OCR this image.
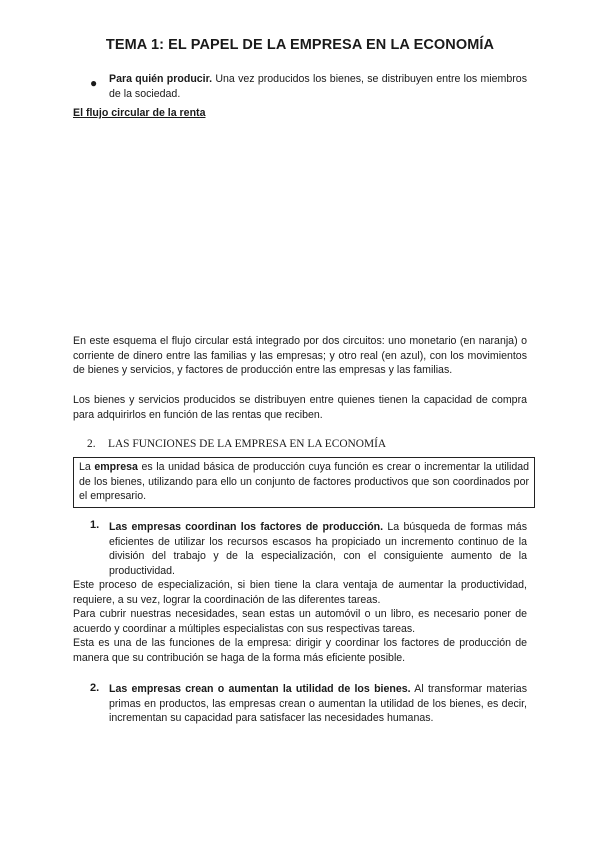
TEMA 1: EL PAPEL DE LA EMPRESA EN LA ECONOMÍA
● Para quién producir. Una vez producidos los bienes, se distribuyen entre los miembros de la sociedad.
El flujo circular de la renta
En este esquema el flujo circular está integrado por dos circuitos: uno monetario (en naranja) o corriente de dinero entre las familias y las empresas; y otro real (en azul), con los movimientos de bienes y servicios, y factores de producción entre las empresas y las familias.
Los bienes y servicios producidos se distribuyen entre quienes tienen la capacidad de compra para adquirirlos en función de las rentas que reciben.
2. LAS FUNCIONES DE LA EMPRESA EN LA ECONOMÍA
La empresa es la unidad básica de producción cuya función es crear o incrementar la utilidad de los bienes, utilizando para ello un conjunto de factores productivos que son coordinados por el empresario.
1. Las empresas coordinan los factores de producción. La búsqueda de formas más eficientes de utilizar los recursos escasos ha propiciado un incremento continuo de la división del trabajo y de la especialización, con el consiguiente aumento de la productividad.
Este proceso de especialización, si bien tiene la clara ventaja de aumentar la productividad, requiere, a su vez, lograr la coordinación de las diferentes tareas.
Para cubrir nuestras necesidades, sean estas un automóvil o un libro, es necesario poner de acuerdo y coordinar a múltiples especialistas con sus respectivas tareas.
Esta es una de las funciones de la empresa: dirigir y coordinar los factores de producción de manera que su contribución se haga de la forma más eficiente posible.
2. Las empresas crean o aumentan la utilidad de los bienes. Al transformar materias primas en productos, las empresas crean o aumentan la utilidad de los bienes, es decir, incrementan su capacidad para satisfacer las necesidades humanas.
